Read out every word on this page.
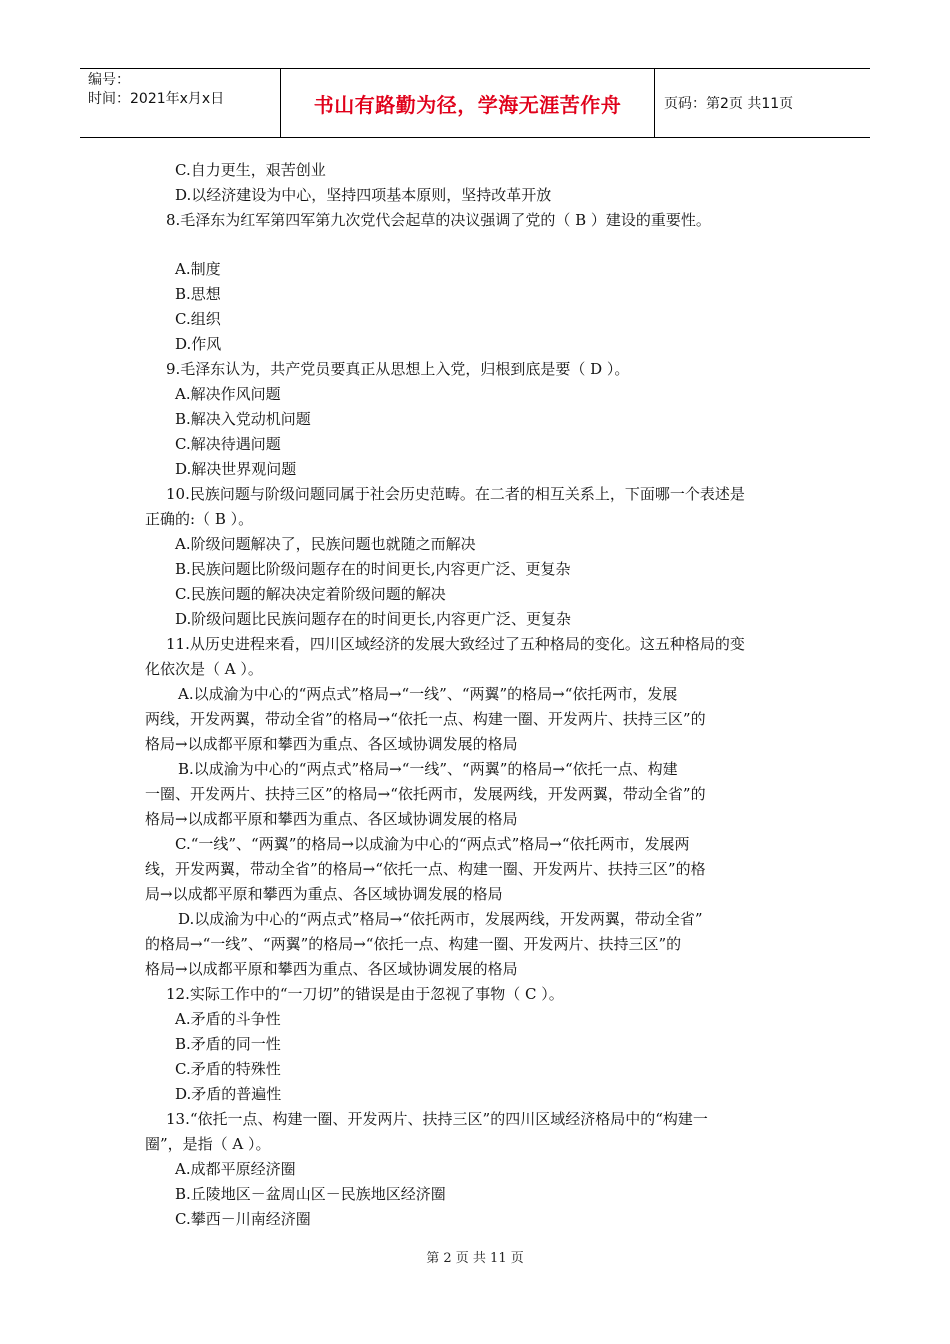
编号：
时间：2021年x月x日	书山有路勤为径，学海无涯苦作舟	页码：第2页 共11页
C.自力更生，艰苦创业
D.以经济建设为中心，坚持四项基本原则，坚持改革开放
8.毛泽东为红军第四军第九次党代会起草的决议强调了党的（ B ）建设的重要性。
A.制度
B.思想
C.组织
D.作风
9.毛泽东认为，共产党员要真正从思想上入党，归根到底是要（ D ）。
A.解决作风问题
B.解决入党动机问题
C.解决待遇问题
D.解决世界观问题
10.民族问题与阶级问题同属于社会历史范畴。在二者的相互关系上，下面哪一个表述是
正确的:（ B ）。
A.阶级问题解决了，民族问题也就随之而解决
B.民族问题比阶级问题存在的时间更长,内容更广泛、更复杂
C.民族问题的解决决定着阶级问题的解决
D.阶级问题比民族问题存在的时间更长,内容更广泛、更复杂
11.从历史进程来看，四川区域经济的发展大致经过了五种格局的变化。这五种格局的变
化依次是（ A ）。
A.以成渝为中心的“两点式”格局→“一线”、“两翼”的格局→“依托两市，发展
两线，开发两翼，带动全省”的格局→“依托一点、构建一圈、开发两片、扶持三区”的
格局→以成都平原和攀西为重点、各区域协调发展的格局
B.以成渝为中心的“两点式”格局→“一线”、“两翼”的格局→“依托一点、构建
一圈、开发两片、扶持三区”的格局→“依托两市，发展两线，开发两翼，带动全省”的
格局→以成都平原和攀西为重点、各区域协调发展的格局
C.“一线”、“两翼”的格局→以成渝为中心的“两点式”格局→“依托两市，发展两
线，开发两翼，带动全省”的格局→“依托一点、构建一圈、开发两片、扶持三区”的格
局→以成都平原和攀西为重点、各区域协调发展的格局
D.以成渝为中心的“两点式”格局→“依托两市，发展两线，开发两翼，带动全省”
的格局→“一线”、“两翼”的格局→“依托一点、构建一圈、开发两片、扶持三区”的
格局→以成都平原和攀西为重点、各区域协调发展的格局
12.实际工作中的“一刀切”的错误是由于忽视了事物（ C ）。
A.矛盾的斗争性
B.矛盾的同一性
C.矛盾的特殊性
D.矛盾的普遍性
13.“依托一点、构建一圈、开发两片、扶持三区”的四川区域经济格局中的“构建一
圈”，是指（ A ）。
A.成都平原经济圈
B.丘陵地区－盆周山区－民族地区经济圈
C.攀西－川南经济圈
第 2 页 共 11 页
